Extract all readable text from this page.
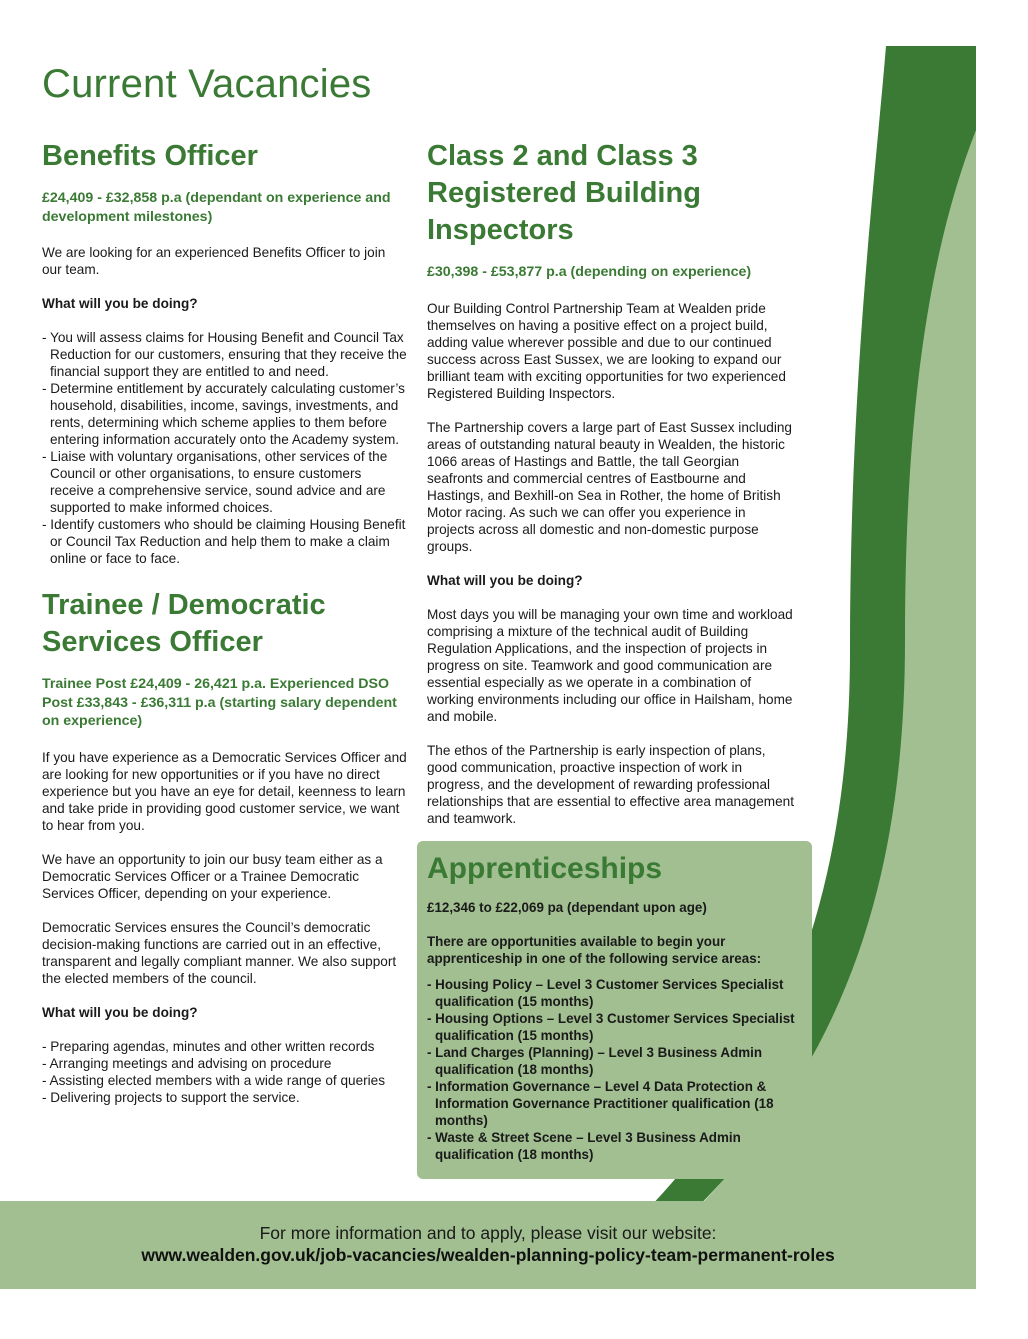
Current Vacancies
Benefits Officer

£24,409 - £32,858 p.a (dependant on experience and development milestones)

We are looking for an experienced Benefits Officer to join our team.

What will you be doing?

- You will assess claims for Housing Benefit and Council Tax Reduction for our customers, ensuring that they receive the financial support they are entitled to and need.
- Determine entitlement by accurately calculating customer’s household, disabilities, income, savings, investments, and rents, determining which scheme applies to them before entering information accurately onto the Academy system.
- Liaise with voluntary organisations, other services of the Council or other organisations, to ensure customers receive a comprehensive service, sound advice and are supported to make informed choices.
- Identify customers who should be claiming Housing Benefit or Council Tax Reduction and help them to make a claim online or face to face.
Trainee / Democratic Services Officer

Trainee Post £24,409 - 26,421 p.a. Experienced DSO Post £33,843 - £36,311 p.a (starting salary dependent on experience)

If you have experience as a Democratic Services Officer and are looking for new opportunities or if you have no direct experience but you have an eye for detail, keenness to learn and take pride in providing good customer service, we want to hear from you.

We have an opportunity to join our busy team either as a Democratic Services Officer or a Trainee Democratic Services Officer, depending on your experience.

Democratic Services ensures the Council’s democratic decision-making functions are carried out in an effective, transparent and legally compliant manner. We also support the elected members of the council.

What will you be doing?

- Preparing agendas, minutes and other written records
- Arranging meetings and advising on procedure
- Assisting elected members with a wide range of queries
- Delivering projects to support the service.
Class 2 and Class 3 Registered Building Inspectors

£30,398 - £53,877 p.a (depending on experience)

Our Building Control Partnership Team at Wealden pride themselves on having a positive effect on a project build, adding value wherever possible and due to our continued success across East Sussex, we are looking to expand our brilliant team with exciting opportunities for two experienced Registered Building Inspectors.

The Partnership covers a large part of East Sussex including areas of outstanding natural beauty in Wealden, the historic 1066 areas of Hastings and Battle, the tall Georgian seafronts and commercial centres of Eastbourne and Hastings, and Bexhill-on Sea in Rother, the home of British Motor racing. As such we can offer you experience in projects across all domestic and non-domestic purpose groups.

What will you be doing?

Most days you will be managing your own time and workload comprising a mixture of the technical audit of Building Regulation Applications, and the inspection of projects in progress on site. Teamwork and good communication are essential especially as we operate in a combination of working environments including our office in Hailsham, home and mobile.

The ethos of the Partnership is early inspection of plans, good communication, proactive inspection of work in progress, and the development of rewarding professional relationships that are essential to effective area management and teamwork.

Apprenticeships

£12,346 to £22,069 pa (dependant upon age)

There are opportunities available to begin your apprenticeship in one of the following service areas:

- Housing Policy – Level 3 Customer Services Specialist qualification (15 months)
- Housing Options – Level 3 Customer Services Specialist qualification (15 months)
- Land Charges (Planning) – Level 3 Business Admin qualification (18 months)
- Information Governance – Level 4 Data Protection & Information Governance Practitioner qualification (18 months)
- Waste & Street Scene – Level 3 Business Admin qualification (18 months)

For more information and to apply, please visit our website:

www.wealden.gov.uk/job-vacancies/wealden-planning-policy-team-permanent-roles
